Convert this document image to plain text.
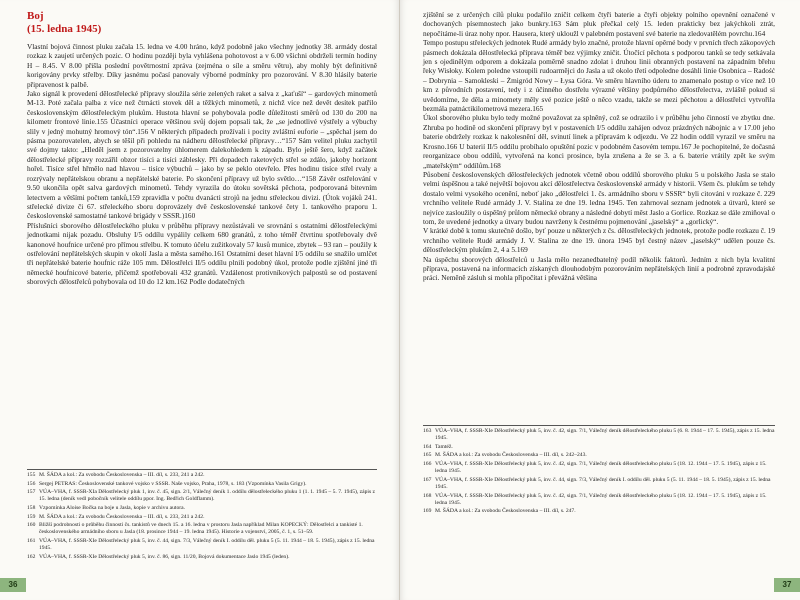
Boj
(15. ledna 1945)

Vlastní bojová činnost pluku začala 15. ledna ve 4.00 hráno, když podobně jako všechny jednotky 38. armády dostal rozkaz k zaujetí určených pozic. O hodinu později byla vyhlášena pohotovost a v 6.00 všichni obdrželi termín hodiny H – 8.45. V 8.00 přišla poslední povětrnostní zpráva (zejména o síle a směru větru), aby mohly být definitivně korigovány prvky střelby. Díky jasnému počasí panovaly výborné podmínky pro pozorování. V 8.30 hlásily baterie připravenost k palbě.

Jako signál k provedení dělostřelecké přípravy sloužila série zelených raket a salva z „kaťuší“ – gardových minometů M-13. Poté začala palba z více než čtrnácti stovek děl a těžkých minometů, z nichž více než devět desítek patřilo československým dělostřeleckým plukům. Hustota hlavní se pohybovala podle důležitosti směrů od 130 do 200 na kilometr frontové linie.155 Účastníci operace většinou svůj dojem popsali tak, že „se jednotlivé výstřely a výbuchy slily v jedný mohutný hromový tón“.156 V některých případech prožívali i pocity zvláštní euforie – „spěchal jsem do pásma pozorovatelen, abych se těšil při pohledu na nádheru dělostřelecké přípravy…“157 Sám velitel pluku zachytil své dojmy takto: „Hleděl jsem z pozorovatelny úhlomerem dalekohledem k západu. Bylo ještě šero, když začátek dělostřelecké přípravy rozzářil obzor tisíci a tisíci záblesky. Při dopadech raketových střel se zdálo, jakoby horizont hořel. Tisíce střel hřmělo nad hlavou – tisíce výbuchů – jako by se peklo otevřelo. Přes hodinu tisíce střel rvaly a rozrývaly nepřátelskou obranu a nepřátelské baterie. Po skončení přípravy už bylo světlo…“158 Závěr ostřelování v 9.50 ukončila opět salva gardových minometů. Tehdy vyrazila do útoku sovětská pěchota, podporovaná bitevním letectvem a většími počtem tanků,159 zpravidla v počtu dvanácti strojů na jednu střeleckou divizi. (Útok vojáků 241. střelecké divize či 67. střeleckého sboru doprovázely dvě československé tankové čety 1. tankového praporu 1. československé samostatné tankové brigády v SSSR.)160

Příslušníci sborového dělostřeleckého pluku v průběhu přípravy nezůstávali ve srovnání s ostatními dělostřeleckými jednotkami nijak pozadu. Obsluhy I/5 oddílu vypálily celkem 680 granátů, z toho téměř čtvrtinu spotřebovaly dvě kanonové houfnice určené pro přímou střelbu. K tomuto účelu zužitkovaly 57 kusů munice, zbytek – 93 ran – použily k ostřelování nepřátelských skupin v okolí Jasla a města samého.161 Ostatními deset hlavní I/5 oddílu se snažilo umlčet tři nepřátelské baterie houfnic ráže 105 mm. Dělostřelci II/5 oddílu plnili podobný úkol, protože podle zjištění jiné tři německé houfnicové baterie, přičemž spotřebovali 432 granátů. Vzdálenost protivníkových palpostů se od postavení sborových dělostřelců pohybovala od 10 do 12 km.162 Podle dodatečných

155 M. ŠÁDA a kol.: Za svobodu Československa – III. díl, s. 233, 241 a 242.
156 Sergej PETRAS: Československé tankové vojsko v SSSR. Naše vojsko, Praha, 1978, s. 183 (Vzpomínka Vasila Grigy).
157 VÚA–VHA, f. SSSR-XIa Dělostřelecký pluk 1, inv. č. 45, sign. 2/1, Válečný deník 1. oddílu dělostřeleckého pluku 1 (1. 1. 1945 – 5. 7. 1945), zápis z 15. ledna (deník vedl pobočník velitele oddílu ppor. Ing. Bedřich Goldflamm).
158 Vzpomínka Aloise Bočka na boje u Jasla, kopie v archivu autora.
159 M. ŠÁDA a kol.: Za svobodu Československa – III. díl, s. 233, 241 a 242.
160 Bližší podrobnosti o průběhu činnosti čs. tankistů ve dnech 15. a 16. ledna v prostoru Jasla například Milan KOPECKÝ: Dělostřelci a tankisté 1. československého armádního sboru u Jasla (18. prosince 1944 – 19. ledna 1945). Historie a vojenství, 2005, č. 1, s. 51–59.
161 VÚA–VHA, f. SSSR-XIe Dělostřelecký pluk 5, inv. č. 44, sign. 7/3, Válečný deník I. oddílu děl. pluku 5 (5. 11. 1944 – 18. 5. 1945), zápis z 15. ledna 1945.
162 VÚA–VHA, f. SSSR-XIe Dělostřelecký pluk 5, inv. č. 86, sign. 11/20, Bojová dokumentace Jaslo 1945 (leden).
36

zjištění se z určených cílů pluku podařilo zničit celkem čtyři baterie a čtyři objekty polního opevnění označené v dochovaných písemnostech jako bunkry.163 Sám pluk přečkal celý 15. leden prakticky bez jakýchkoli ztrát, nepočítáme-li úraz nohy npor. Hausera, který ukloužl v palebném postavení své baterie na zledovatělém povrchu.164

Tempo postupu střeleckých jednotek Rudé armády bylo značné, protože hlavní opěrné body v prvních třech zákopových pásmech dokázala dělostřelecká příprava téměř bez výjimky zničit. Útočící pěchota s podporou tanků se tedy setkávala jen s ojedinělým odporem a dokázala poměrně snadno zdolat i druhou linii obranných postavení na západním břehu řeky Wisłoky. Kolem poledne vstoupili rudoarmějci do Jasla a už okolo třetí odpoledne dosáhli linie Osobnica – Radość – Dobrynia – Samokleski – Żmigród Nowy – Łysa Góra. Ve směru hlavního úderu to znamenalo postup o více než 10 km z původních postavení, tedy i z účinného dostřelu výrazné většiny podpůrného dělostřelectva, zvláště pokud si uvědomíme, že děla a minomety měly své pozice ještě o něco vzadu, takže se mezi pěchotou a dělostřelci vytvořila bezmála patnáctikilometrová mezera.165

Úkol sborového pluku bylo tedy možné považovat za splněný, což se odrazilo i v průběhu jeho činností ve zbytku dne. Zhruba po hodině od skončení přípravy byl v postaveních I/5 oddílu zahájen odvoz prázdných nábojnic a v 17.00 jeho baterie obdržely rozkaz k nakolesnění děl, svinutí linek a přípravám k odjezdu. Ve 22 hodin oddíl vyrazil ve směru na Krosno.166 U baterií II/5 oddílu probíhalo opuštění pozic v podobném časovém tempu.167 Je pochopitelné, že dočasná reorganizace obou oddílů, vytvořená na konci prosince, byla zrušena a že se 3. a 6. baterie vrátily zpět ke svým „mateřským“ oddílům.168

Působení československých dělostřeleckých jednotek včetně obou oddílů sborového pluku 5 u polského Jasla se stalo velmi úspěšnou a také největší bojovou akcí dělostřelectva československé armády v historii. Všem čs. plukům se tehdy dostalo velmi vysokého ocenění, neboť jako „dělostřelci 1. čs. armádního sboru v SSSR“ byli citováni v rozkaze č. 229 vrchního velitele Rudé armády J. V. Stalina ze dne 19. ledna 1945. Ten zahrnoval seznam jednotek a útvarů, které se nejvíce zasloužily o úspěšný průlom německé obrany a následné dobytí měst Jaslo a Gorlice. Rozkaz se dále zmiňoval o tom, že uvedené jednotky a útvary budou navrženy k čestnému pojmenování „jaselský“ a „gorlický“.

V krátké době k tomu skutečně došlo, byť pouze u některých z čs. dělostřeleckých jednotek, protože podle rozkazu č. 19 vrchního velitele Rudé armády J. V. Stalina ze dne 19. února 1945 byl čestný název „jaselský“ udělen pouze čs. dělostřeleckým plukům 2, 4 a 5.169

Na úspěchu sborových dělostřelců u Jasla mělo nezanedbatelný podíl několik faktorů. Jedním z nich byla kvalitní příprava, postavená na informacích získaných dlouhodobým pozorováním nepřátelských linií a podrobné zpravodajské práci. Neměně zásluh si mohla připočítat i převážná většina

163 VÚA–VHA, f. SSSR-XIe Dělostřelecký pluk 5, inv. č. 42, sign. 7/1, Válečný deník dělostřeleckého pluku 5 (6. 8. 1944 – 17. 5. 1945), zápis z 15. ledna 1945.
164 Tamtéž.
165 M. ŠÁDA a kol.: Za svobodu Československa – III. díl, s. 242–243.
166 VÚA–VHA, f. SSSR-XIe Dělostřelecký pluk 5, inv. č. 42, sign. 7/1, Válečný deník dělostřeleckého pluku 5 (18. 12. 1944 – 17. 5. 1945), zápis z 15. ledna 1945.
167 VÚA–VHA, f. SSSR-XIe Dělostřelecký pluk 5, inv. č. 44, sign. 7/3, Válečný deník I. oddílu děl. pluku 5 (5. 11. 1944 – 18. 5. 1945), zápis z 15. ledna 1945.
168 VÚA–VHA, f. SSSR-XIe Dělostřelecký pluk 5, inv. č. 42, sign. 7/1, Válečný deník dělostřeleckého pluku 5 (18. 12. 1944 – 17. 5. 1945), zápis z 15. ledna 1945.
169 M. ŠÁDA a kol.: Za svobodu Československa – III. díl, s. 247.
37
